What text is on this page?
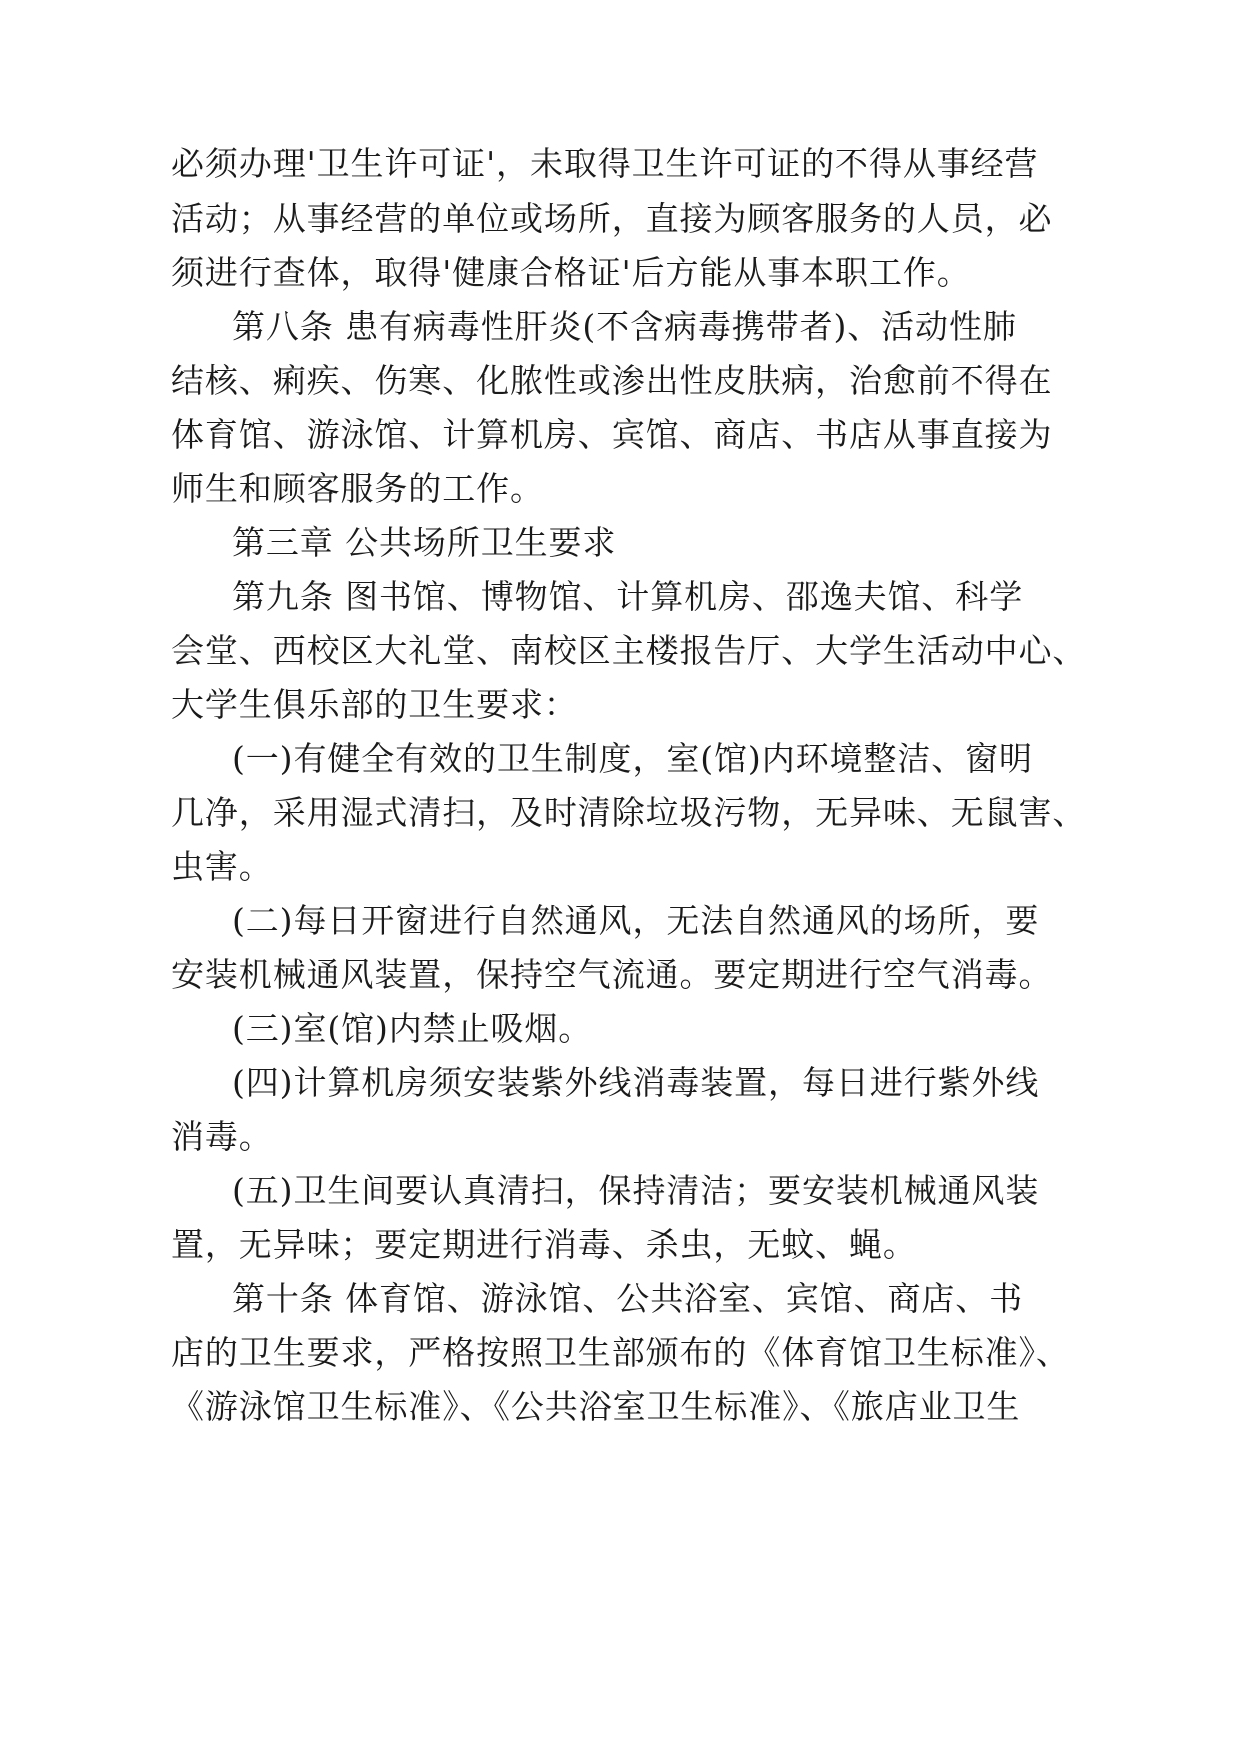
必须办理'卫生许可证'，未取得卫生许可证的不得从事经营

活动；从事经营的单位或场所，直接为顾客服务的人员，必

须进行查体，取得'健康合格证'后方能从事本职工作。

第八条 患有病毒性肝炎(不含病毒携带者)、活动性肺

结核、痢疾、伤寒、化脓性或渗出性皮肤病，治愈前不得在

体育馆、游泳馆、计算机房、宾馆、商店、书店从事直接为

师生和顾客服务的工作。

第三章 公共场所卫生要求

第九条 图书馆、博物馆、计算机房、邵逸夫馆、科学

会堂、西校区大礼堂、南校区主楼报告厅、大学生活动中心、

大学生俱乐部的卫生要求：

(一)有健全有效的卫生制度，室(馆)内环境整洁、窗明

几净，采用湿式清扫，及时清除垃圾污物，无异味、无鼠害、

虫害。

(二)每日开窗进行自然通风，无法自然通风的场所，要

安装机械通风装置，保持空气流通。要定期进行空气消毒。

(三)室(馆)内禁止吸烟。

(四)计算机房须安装紫外线消毒装置，每日进行紫外线

消毒。

(五)卫生间要认真清扫，保持清洁；要安装机械通风装

置，无异味；要定期进行消毒、杀虫，无蚊、蝇。

第十条 体育馆、游泳馆、公共浴室、宾馆、商店、书

店的卫生要求，严格按照卫生部颁布的《体育馆卫生标准》、

《游泳馆卫生标准》、《公共浴室卫生标准》、《旅店业卫生
